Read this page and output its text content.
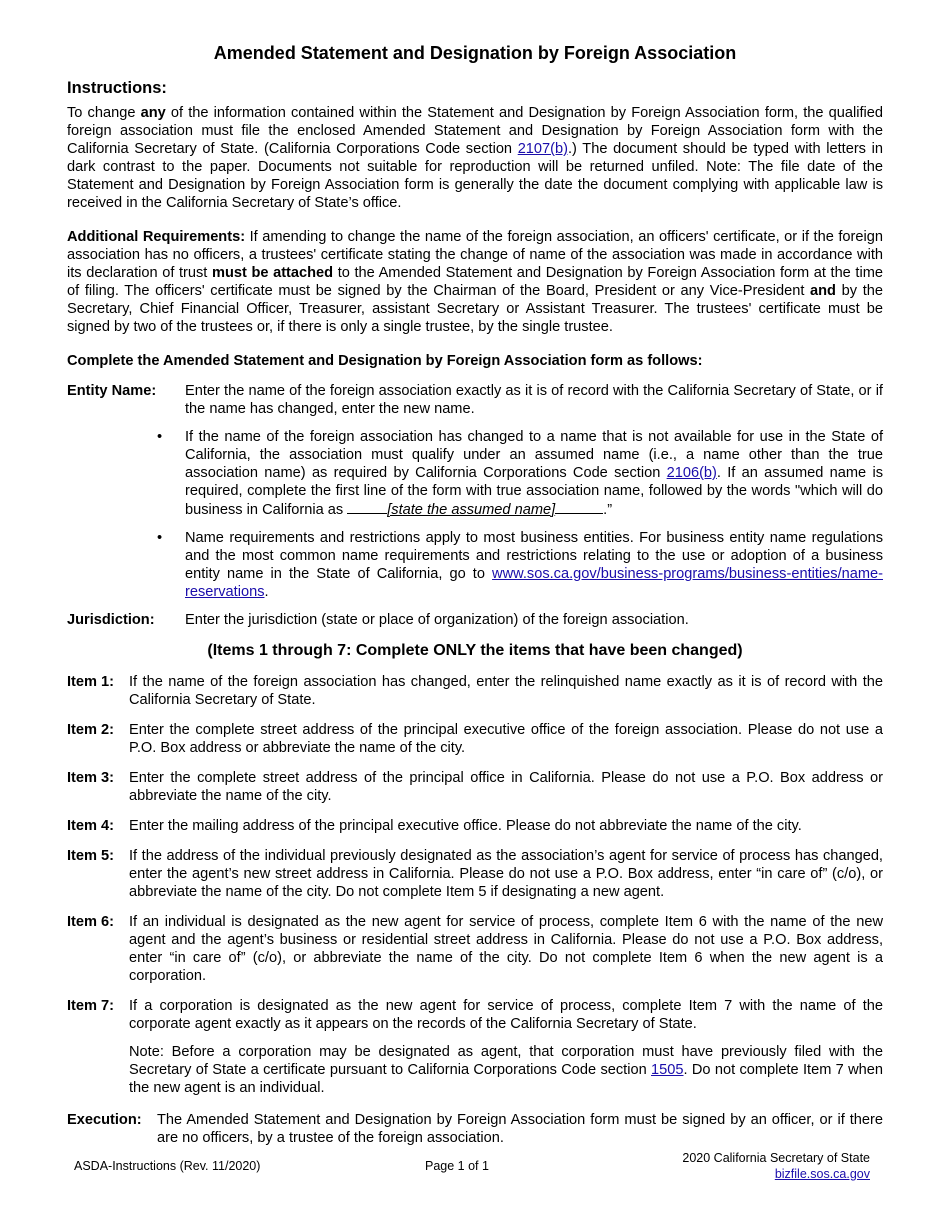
Amended Statement and Designation by Foreign Association
Instructions:

To change any of the information contained within the Statement and Designation by Foreign Association form, the qualified foreign association must file the enclosed Amended Statement and Designation by Foreign Association form with the California Secretary of State. (California Corporations Code section 2107(b).) The document should be typed with letters in dark contrast to the paper. Documents not suitable for reproduction will be returned unfiled. Note: The file date of the Statement and Designation by Foreign Association form is generally the date the document complying with applicable law is received in the California Secretary of State’s office.

Additional Requirements: If amending to change the name of the foreign association, an officers' certificate, or if the foreign association has no officers, a trustees' certificate stating the change of name of the association was made in accordance with its declaration of trust must be attached to the Amended Statement and Designation by Foreign Association form at the time of filing. The officers' certificate must be signed by the Chairman of the Board, President or any Vice-President and by the Secretary, Chief Financial Officer, Treasurer, assistant Secretary or Assistant Treasurer. The trustees' certificate must be signed by two of the trustees or, if there is only a single trustee, by the single trustee.

Complete the Amended Statement and Designation by Foreign Association form as follows:

Entity Name:	Enter the name of the foreign association exactly as it is of record with the California Secretary of State, or if the name has changed, enter the new name.
• If the name of the foreign association has changed to a name that is not available for use in the State of California, the association must qualify under an assumed name (i.e., a name other than the true association name) as required by California Corporations Code section 2106(b). If an assumed name is required, complete the first line of the form with true association name, followed by the words "which will do business in California as	[state the assumed name]	.”
• Name requirements and restrictions apply to most business entities. For business entity name regulations and the most common name requirements and restrictions relating to the use or adoption of a business entity name in the State of California, go to www.sos.ca.gov/business-programs/business-entities/name-reservations.
Jurisdiction:	Enter the jurisdiction (state or place of organization) of the foreign association.
(Items 1 through 7: Complete ONLY the items that have been changed)
Item 1:	If the name of the foreign association has changed, enter the relinquished name exactly as it is of record with the California Secretary of State.
Item 2:	Enter the complete street address of the principal executive office of the foreign association. Please do not use a P.O. Box address or abbreviate the name of the city.
Item 3:	Enter the complete street address of the principal office in California. Please do not use a P.O. Box address or abbreviate the name of the city.
Item 4:	Enter the mailing address of the principal executive office. Please do not abbreviate the name of the city.
Item 5:	If the address of the individual previously designated as the association’s agent for service of process has changed, enter the agent’s new street address in California. Please do not use a P.O. Box address, enter “in care of” (c/o), or abbreviate the name of the city. Do not complete Item 5 if designating a new agent.
Item 6:	If an individual is designated as the new agent for service of process, complete Item 6 with the name of the new agent and the agent’s business or residential street address in California. Please do not use a P.O. Box address, enter “in care of” (c/o), or abbreviate the name of the city. Do not complete Item 6 when the new agent is a corporation.
Item 7:	If a corporation is designated as the new agent for service of process, complete Item 7 with the name of the corporate agent exactly as it appears on the records of the California Secretary of State.

Note: Before a corporation may be designated as agent, that corporation must have previously filed with the Secretary of State a certificate pursuant to California Corporations Code section 1505. Do not complete Item 7 when the new agent is an individual.

Execution:	The Amended Statement and Designation by Foreign Association form must be signed by an officer, or if there are no officers, by a trustee of the foreign association.
ASDA-Instructions (Rev. 11/2020)	Page 1 of 1
2020 California Secretary of State
bizfile.sos.ca.gov
